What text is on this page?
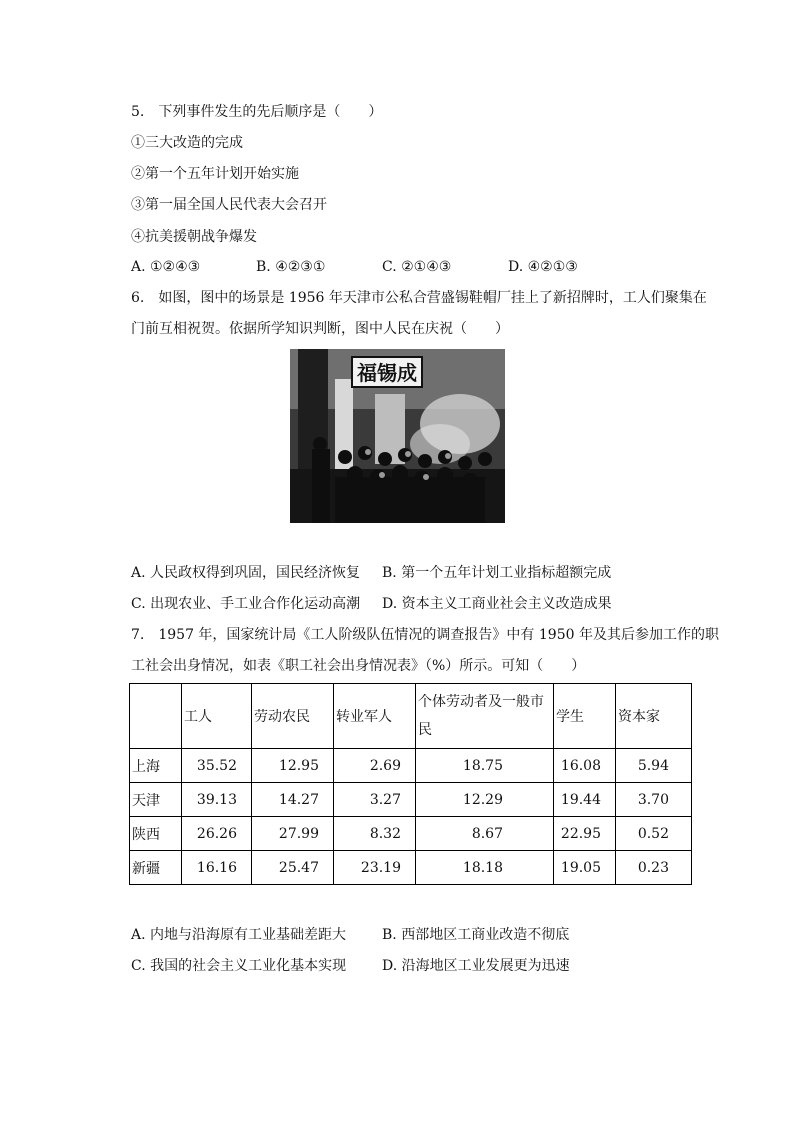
5.　下列事件发生的先后顺序是（　　）
①三大改造的完成
②第一个五年计划开始实施
③第一届全国人民代表大会召开
④抗美援朝战争爆发
A. ①②④③	B. ④②③①	C. ②①④③	D. ④②①③
6.　如图，图中的场景是 1956 年天津市公私合营盛锡鞋帽厂挂上了新招牌时，工人们聚集在
门前互相祝贺。依据所学知识判断，图中人民在庆祝（　　）
福锡成
A. 人民政权得到巩固，国民经济恢复 B. 第一个五年计划工业指标超额完成
C. 出现农业、手工业合作化运动高潮 D. 资本主义工商业社会主义改造成果
7.　1957 年，国家统计局《工人阶级队伍情况的调查报告》中有 1950 年及其后参加工作的职
工社会出身情况，如表《职工社会出身情况表》（%）所示。可知（　　）
	工人	劳动农民	转业军人	个体劳动者及一般市民	学生	资本家
上海	35.52	12.95	2.69	18.75	16.08	5.94
天津	39.13	14.27	3.27	12.29	19.44	3.70
陕西	26.26	27.99	8.32	8.67	22.95	0.52
新疆	16.16	25.47	23.19	18.18	19.05	0.23
A. 内地与沿海原有工业基础差距大	B. 西部地区工商业改造不彻底
C. 我国的社会主义工业化基本实现	D. 沿海地区工业发展更为迅速
